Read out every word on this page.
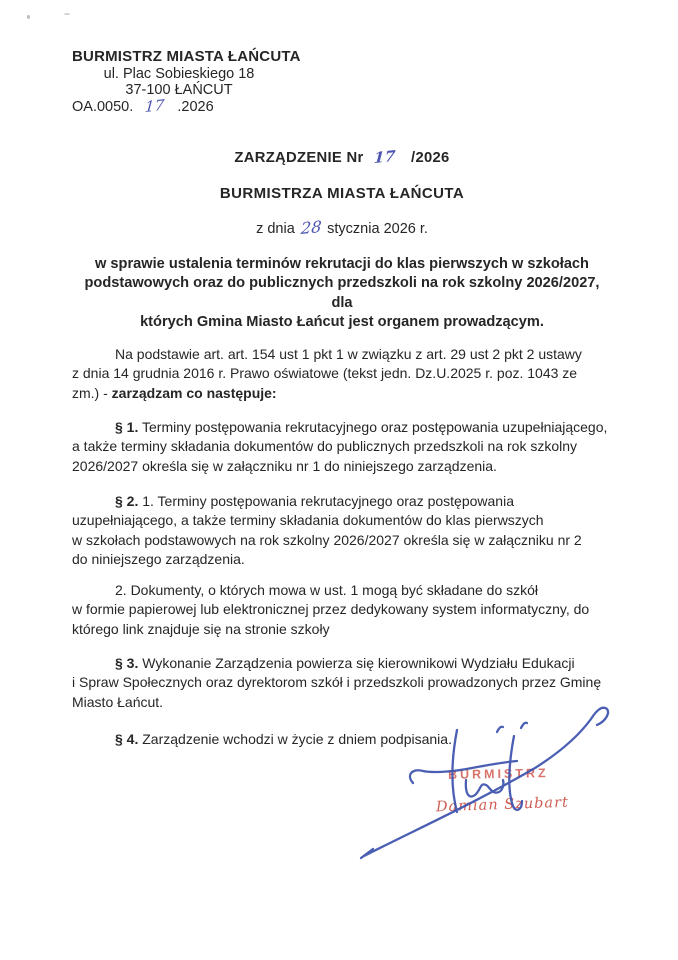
BURMISTRZ MIASTA ŁAŃCUTA
ul. Plac Sobieskiego 18
37-100 ŁAŃCUT
OA.0050. 17 .2026
ZARZĄDZENIE Nr 17 /2026
BURMISTRZA MIASTA ŁAŃCUTA
z dnia 28 stycznia 2026 r.
w sprawie ustalenia terminów rekrutacji do klas pierwszych w szkołach
podstawowych oraz do publicznych przedszkoli na rok szkolny 2026/2027, dla
których Gmina Miasto Łańcut jest organem prowadzącym.

Na podstawie art. art. 154 ust 1 pkt 1 w związku z art. 29 ust 2 pkt 2 ustawy
z dnia 14 grudnia 2016 r. Prawo oświatowe (tekst jedn. Dz.U.2025 r. poz. 1043 ze
zm.) - zarządzam co następuje:

§ 1. Terminy postępowania rekrutacyjnego oraz postępowania uzupełniającego,
a także terminy składania dokumentów do publicznych przedszkoli na rok szkolny
2026/2027 określa się w załączniku nr 1 do niniejszego zarządzenia.

§ 2. 1. Terminy postępowania rekrutacyjnego oraz postępowania
uzupełniającego, a także terminy składania dokumentów do klas pierwszych
w szkołach podstawowych na rok szkolny 2026/2027 określa się w załączniku nr 2
do niniejszego zarządzenia.

2. Dokumenty, o których mowa w ust. 1 mogą być składane do szkół
w formie papierowej lub elektronicznej przez dedykowany system informatyczny, do
którego link znajduje się na stronie szkoły

§ 3. Wykonanie Zarządzenia powierza się kierownikowi Wydziału Edukacji
i Spraw Społecznych oraz dyrektorom szkół i przedszkoli prowadzonych przez Gminę
Miasto Łańcut.

§ 4. Zarządzenie wchodzi w życie z dniem podpisania.

BURMISTRZ
Damian Szubart
